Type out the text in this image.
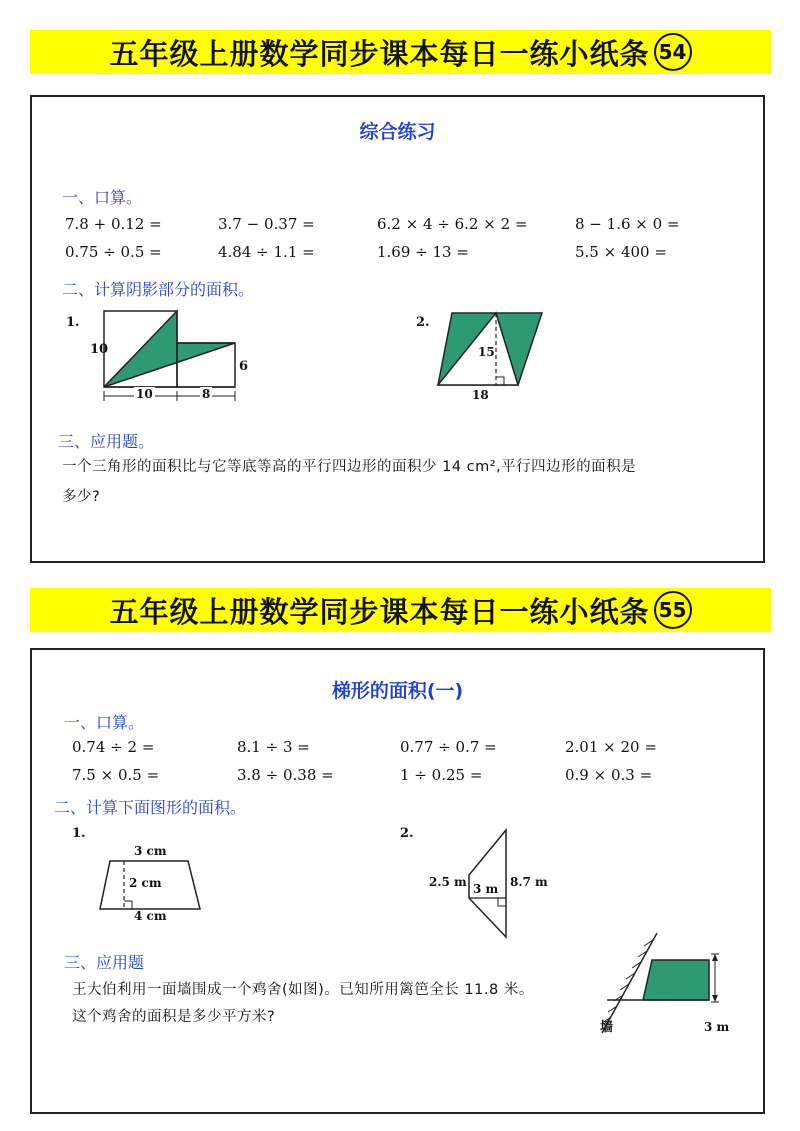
五年级上册数学同步课本每日一练小纸条 54
综合练习
一、口算。
7.8 + 0.12 =	3.7 − 0.37 =	6.2 × 4 ÷ 6.2 × 2 =	8 − 1.6 × 0 =
0.75 ÷ 0.5 =	4.84 ÷ 1.1 =	1.69 ÷ 13 =	5.5 × 400 =
二、计算阴影部分的面积。
1.
10
6
10	8
2.
15
18
三、应用题。
一个三角形的面积比与它等底等高的平行四边形的面积少 14 cm²,平行四边形的面积是
多少?
五年级上册数学同步课本每日一练小纸条 55
梯形的面积(一)
一、口算。
0.74 ÷ 2 =	8.1 ÷ 3 =	0.77 ÷ 0.7 =	2.01 × 20 =
7.5 × 0.5 =	3.8 ÷ 0.38 =	1 ÷ 0.25 =	0.9 × 0.3 =
二、计算下面图形的面积。
1.
3 cm
2 cm
4 cm
2.
2.5 m 3 m 8.7 m
三、应用题
王大伯利用一面墙围成一个鸡舍(如图)。已知所用篱笆全长 11.8 米。
这个鸡舍的面积是多少平方米?
墙	3 m
